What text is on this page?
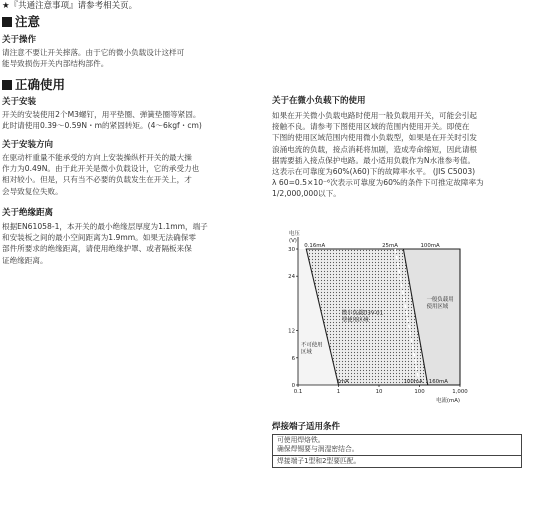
★『共通注意事项』请参考相关页。
注意
关于操作
请注意不要让开关摔落。由于它的微小负载设计这样可
能导致损伤开关内部结构部件。
正确使用
关于安装
开关的安装使用2个M3螺钉，用平垫圈、弹簧垫圈等紧固。
此时请使用0.39～0.59N・m的紧固转矩。(4～6kgf・cm)
关于安装方向
在驱动杆重量不能承受的方向上安装操纵杆开关的最大操
作力为0.49N。由于此开关是微小负载设计，它的承受力也
相对较小。但是，只有当不必要的负载发生在开关上，才
会导致复位失败。
关于绝缘距离
根据EN61058-1，本开关的最小绝缘层厚度为1.1mm，端子
和安装板之间的最小空间距离为1.9mm。如果无法确保零
部件所要求的绝缘距离，请使用绝缘护罩、或者隔板来保
证绝缘距离。
关于在微小负载下的使用
如果在开关微小负载电路时使用一般负载用开关，可能会引起
接触不良。请参考下图使用区域的范围内使用开关。即使在
下图的使用区域范围内使用微小负载型，如果是在开关时引发
浪涌电流的负载，接点消耗将加剧，造成寿命缩短，因此请根
据需要插入接点保护电路。最小适用负载作为N水准参考值。
这表示在可靠度为60%(λ60)下的故障率水平。 (JIS C5003)
λ 60=0.5×10⁻⁶次表示可靠度为60%的条件下可推定故障率为
1/2,000,000以下。
0
6
12
24
30
0.1	1	10	100	1,000
电压
(V)
电流(mA)
0.16mA	25mA	100mA
1mA	100mA 160mA
微小负载D3V-01
型使用区域
一般负载用
使用区域
不可使用
区域
焊接端子适用条件
可使用焊烙铁。
确保焊锡要与润湿密结合。
焊接端子1型和2型要匹配。
